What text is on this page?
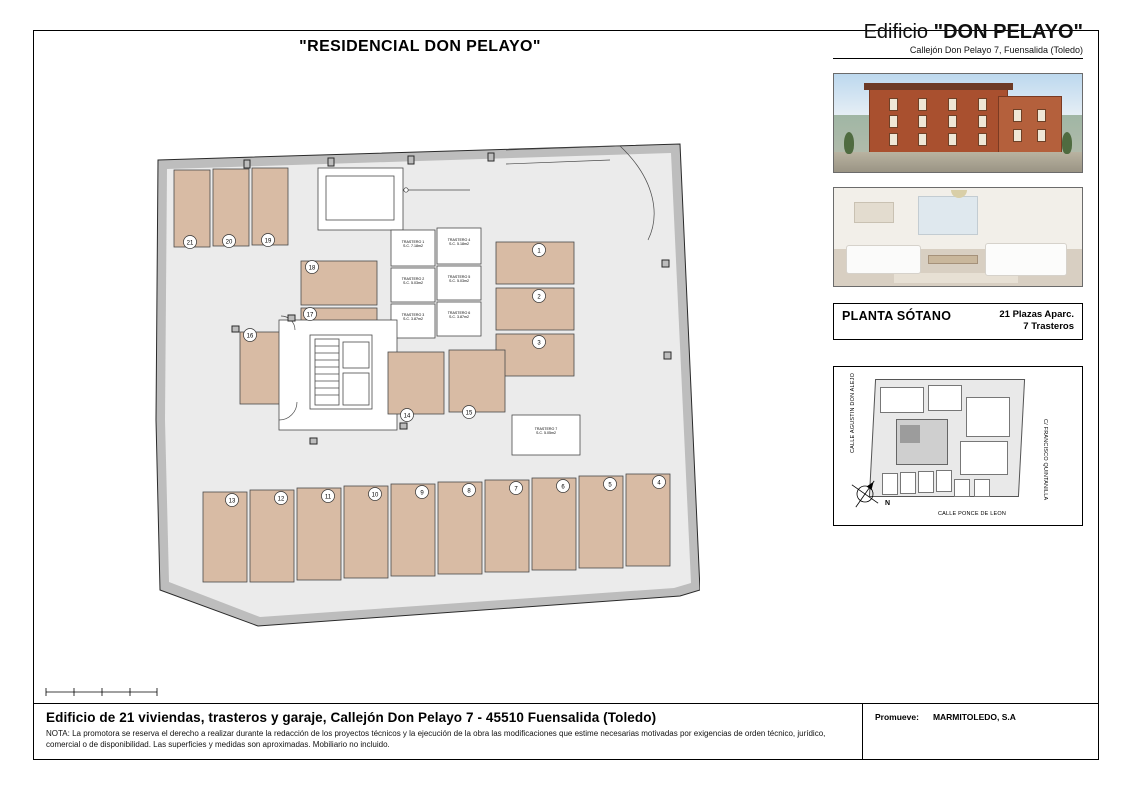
"RESIDENCIAL DON PELAYO"
1
2
3
4
5
6
7
8
9
10
11
12
13
14	15
16
17
18
19
20
21	TRASTERO 1
S.C. 7.18m2
TRASTERO 4
S.C. 5.18m2
TRASTERO 2
S.C. 5.03m2
TRASTERO 5
S.C. 5.03m2
TRASTERO 3
S.C. 3.87m2
TRASTERO 6
S.C. 3.87m2
TRASTERO 7
S.C. 5.05m2
Edificio "DON PELAYO"
Callejón Don Pelayo 7, Fuensalida (Toledo)
PLANTA SÓTANO	21 Plazas Aparc.
7 Trasteros
CALLE AGUSTIN DON ALEJO
C/ FRANCISCO QUINTANILLA
CALLE PONCE DE LEON
N
Edificio de 21 viviendas, trasteros y garaje, Callejón Don Pelayo 7 - 45510 Fuensalida (Toledo)
NOTA: La promotora se reserva el derecho a realizar durante la redacción de los proyectos técnicos y la ejecución de la obra las modificaciones que estime necesarias motivadas por exigencias de orden técnico, jurídico, comercial o de disponibilidad. Las superficies y medidas son aproximadas. Mobiliario no incluido.
Promueve: MARMITOLEDO, S.A
